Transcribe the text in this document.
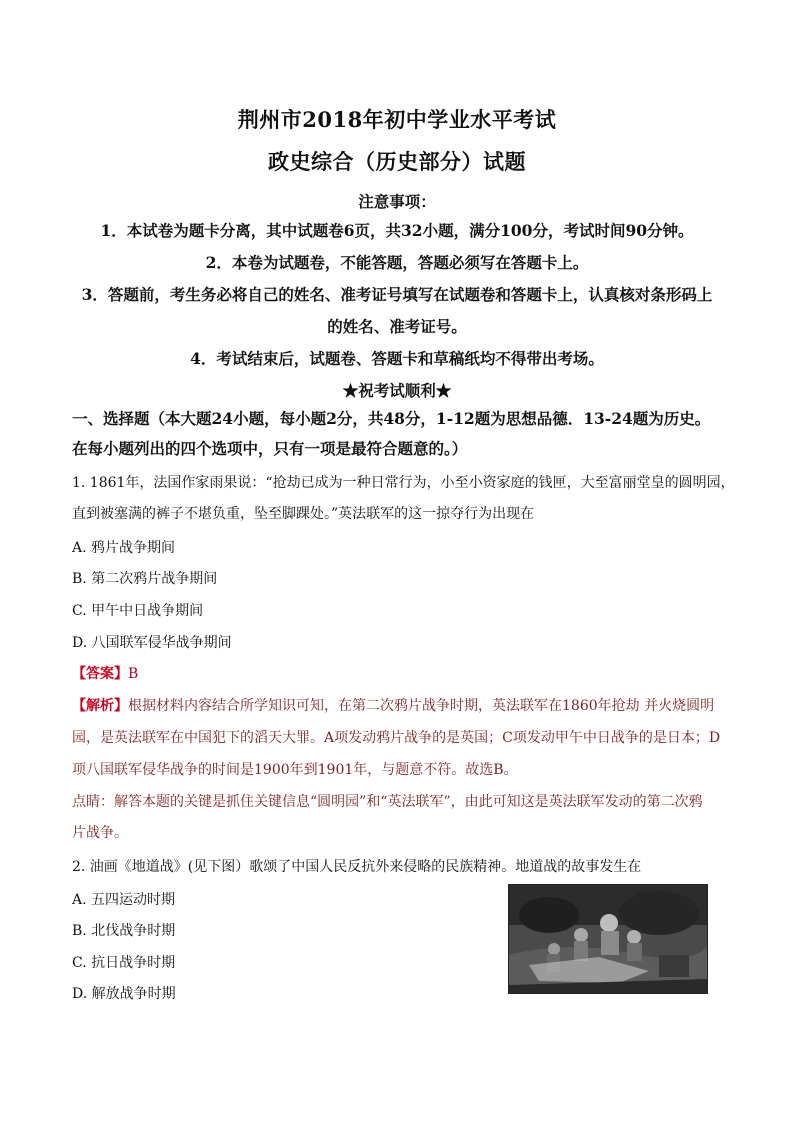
荆州市2018年初中学业水平考试
政史综合（历史部分）试题
注意事项：
1．本试卷为题卡分离，其中试题卷6页，共32小题，满分100分，考试时间90分钟。
2．本卷为试题卷，不能答题，答题必须写在答题卡上。
3．答题前，考生务必将自己的姓名、准考证号填写在试题卷和答题卡上，认真核对条形码上
的姓名、准考证号。
4．考试结束后，试题卷、答题卡和草稿纸均不得带出考场。
★祝考试顺利★
一、选择题（本大题24小题，每小题2分，共48分，1-12题为思想品德．13-24题为历史。
在每小题列出的四个选项中，只有一项是最符合题意的。）
1. 1861年，法国作家雨果说：“抢劫已成为一种日常行为，小至小资家庭的钱匣，大至富丽堂皇的圆明园，
直到被塞满的裤子不堪负重，坠至脚踝处。”英法联军的这一掠夺行为出现在
A. 鸦片战争期间
B. 第二次鸦片战争期间
C. 甲午中日战争期间
D. 八国联军侵华战争期间
【答案】B
【解析】根据材料内容结合所学知识可知，在第二次鸦片战争时期，英法联军在1860年抢劫 并火烧圆明
园，是英法联军在中国犯下的滔天大罪。A项发动鸦片战争的是英国；C项发动甲午中日战争的是日本；D
项八国联军侵华战争的时间是1900年到1901年，与题意不符。故选B。
点睛：解答本题的关键是抓住关键信息“圆明园”和“英法联军”，由此可知这是英法联军发动的第二次鸦
片战争。
2. 油画《地道战》(见下图）歌颂了中国人民反抗外来侵略的民族精神。地道战的故事发生在
A. 五四运动时期
B. 北伐战争时期
C. 抗日战争时期
D. 解放战争时期
